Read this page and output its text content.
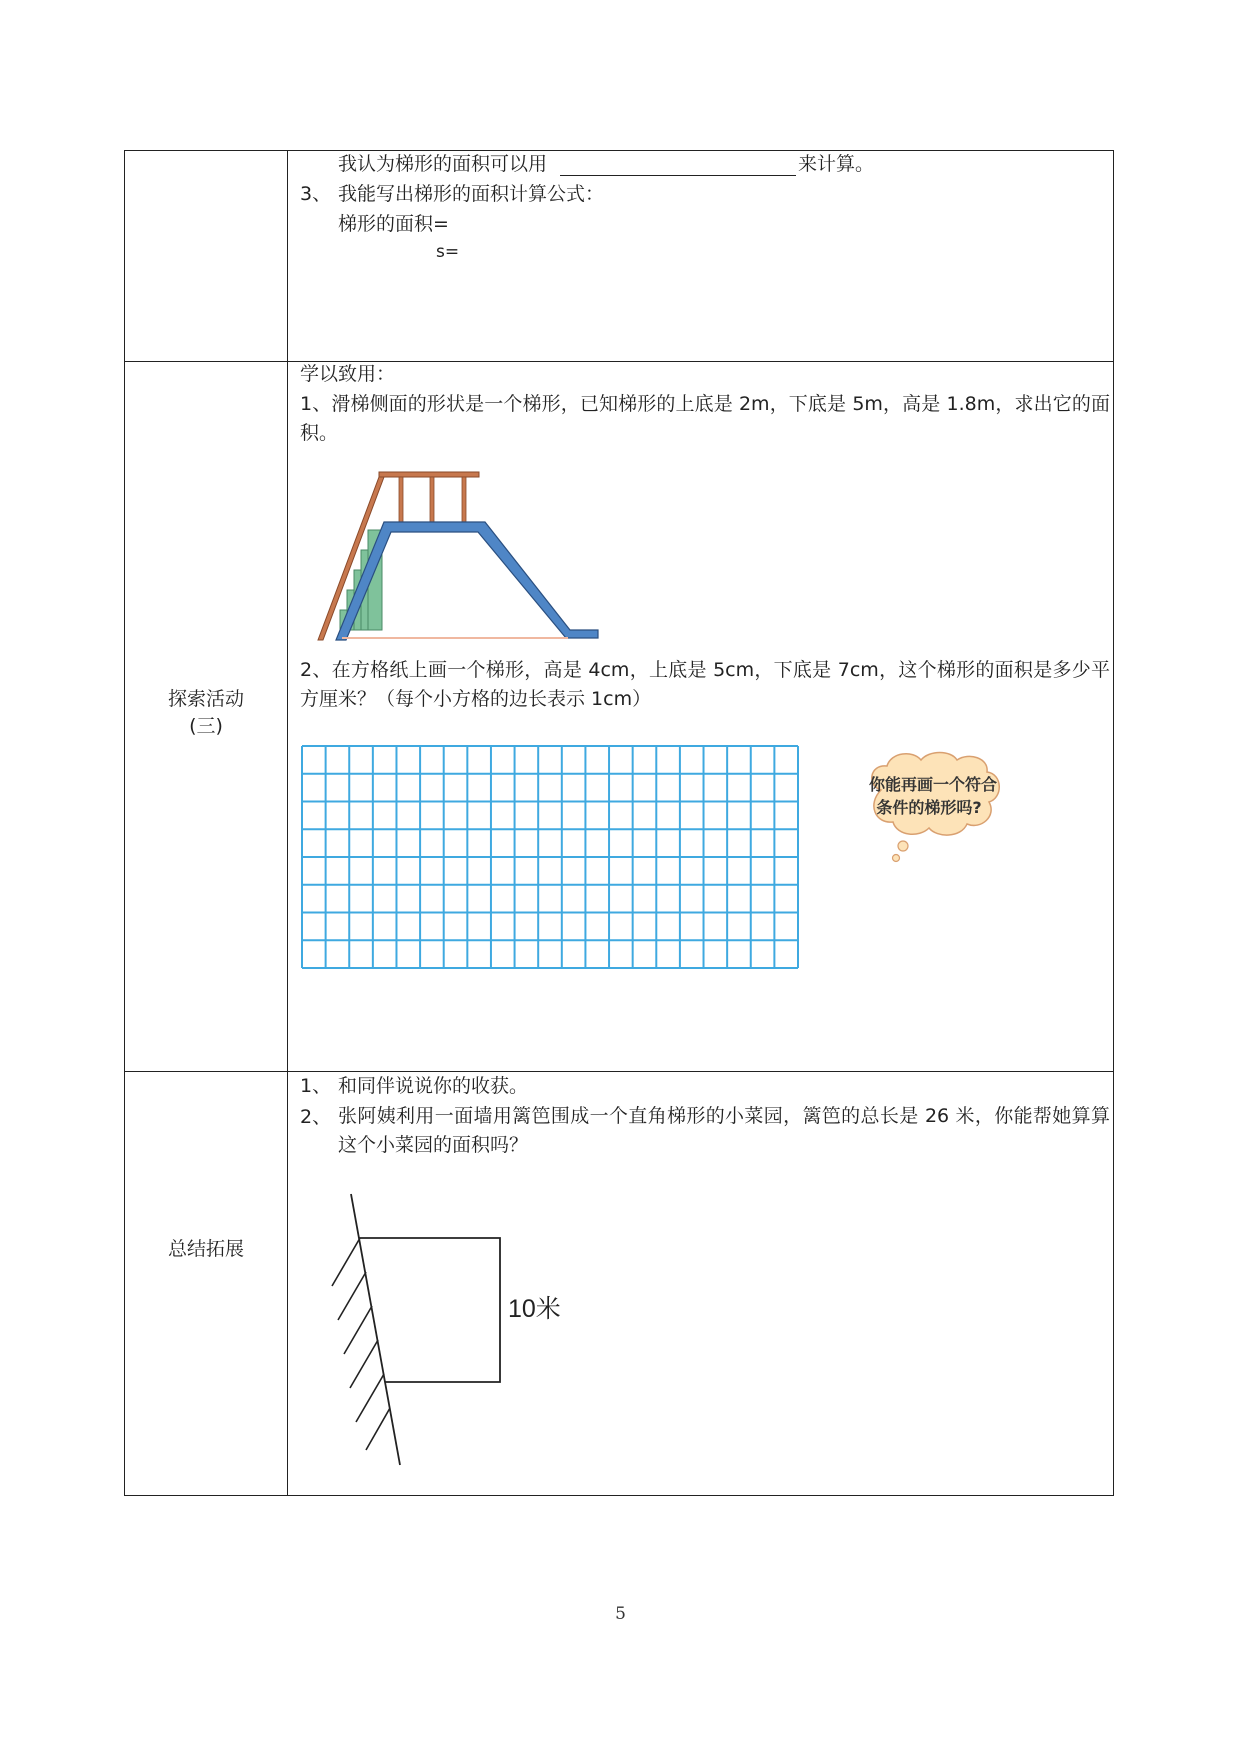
我认为梯形的面积可以用	来计算。
3、 我能写出梯形的面积计算公式：
梯形的面积=
s=
探索活动
(三)
学以致用：
1、滑梯侧面的形状是一个梯形，已知梯形的上底是 2m，下底是 5m，高是 1.8m，求出它的面积。
2、在方格纸上画一个梯形，高是 4cm，上底是 5cm，下底是 7cm，这个梯形的面积是多少平方厘米？（每个小方格的边长表示 1cm）
你能再画一个符合
条件的梯形吗?
总结拓展
1、 和同伴说说你的收获。
2、 张阿姨利用一面墙用篱笆围成一个直角梯形的小菜园，篱笆的总长是 26 米，你能帮她算算这个小菜园的面积吗？
10米
5
